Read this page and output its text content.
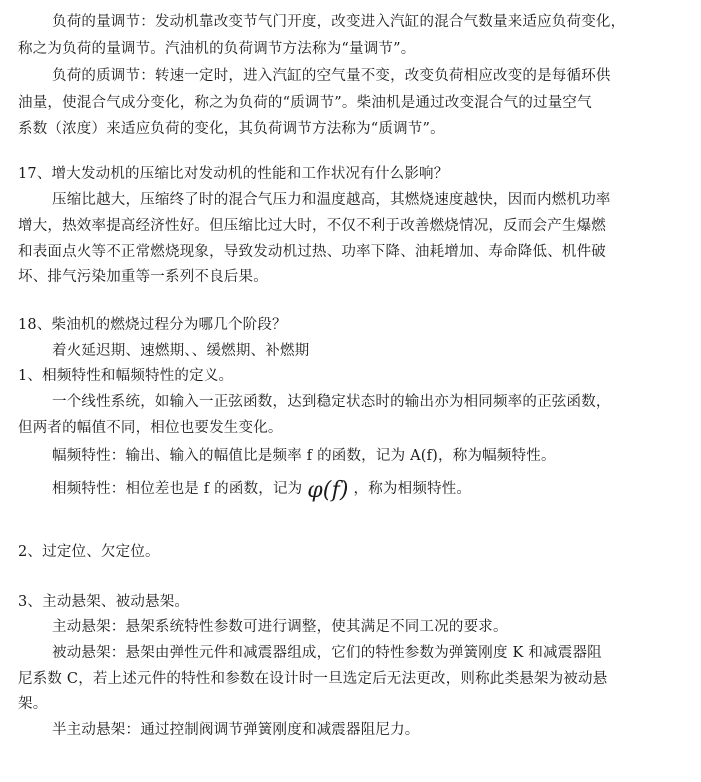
负荷的量调节：发动机靠改变节气门开度，改变进入汽缸的混合气数量来适应负荷变化，
称之为负荷的量调节。汽油机的负荷调节方法称为“量调节”。
负荷的质调节：转速一定时，进入汽缸的空气量不变，改变负荷相应改变的是每循环供
油量，使混合气成分变化，称之为负荷的“质调节”。柴油机是通过改变混合气的过量空气
系数（浓度）来适应负荷的变化，其负荷调节方法称为“质调节”。
17、增大发动机的压缩比对发动机的性能和工作状况有什么影响？
压缩比越大，压缩终了时的混合气压力和温度越高，其燃烧速度越快，因而内燃机功率
增大，热效率提高经济性好。但压缩比过大时，不仅不利于改善燃烧情况，反而会产生爆燃
和表面点火等不正常燃烧现象，导致发动机过热、功率下降、油耗增加、寿命降低、机件破
坏、排气污染加重等一系列不良后果。
18、柴油机的燃烧过程分为哪几个阶段？
着火延迟期、速燃期、、缓燃期、补燃期
1、相频特性和幅频特性的定义。
一个线性系统，如输入一正弦函数，达到稳定状态时的输出亦为相同频率的正弦函数，
但两者的幅值不同，相位也要发生变化。
幅频特性：输出、输入的幅值比是频率 f 的函数，记为 A(f)，称为幅频特性。
相频特性：相位差也是 f 的函数，记为 φ(f) ，称为相频特性。
2、过定位、欠定位。
3、主动悬架、被动悬架。
主动悬架：悬架系统特性参数可进行调整，使其满足不同工况的要求。
被动悬架：悬架由弹性元件和减震器组成，它们的特性参数为弹簧刚度 K 和减震器阻
尼系数 C，若上述元件的特性和参数在设计时一旦选定后无法更改，则称此类悬架为被动悬
架。
半主动悬架：通过控制阀调节弹簧刚度和减震器阻尼力。
